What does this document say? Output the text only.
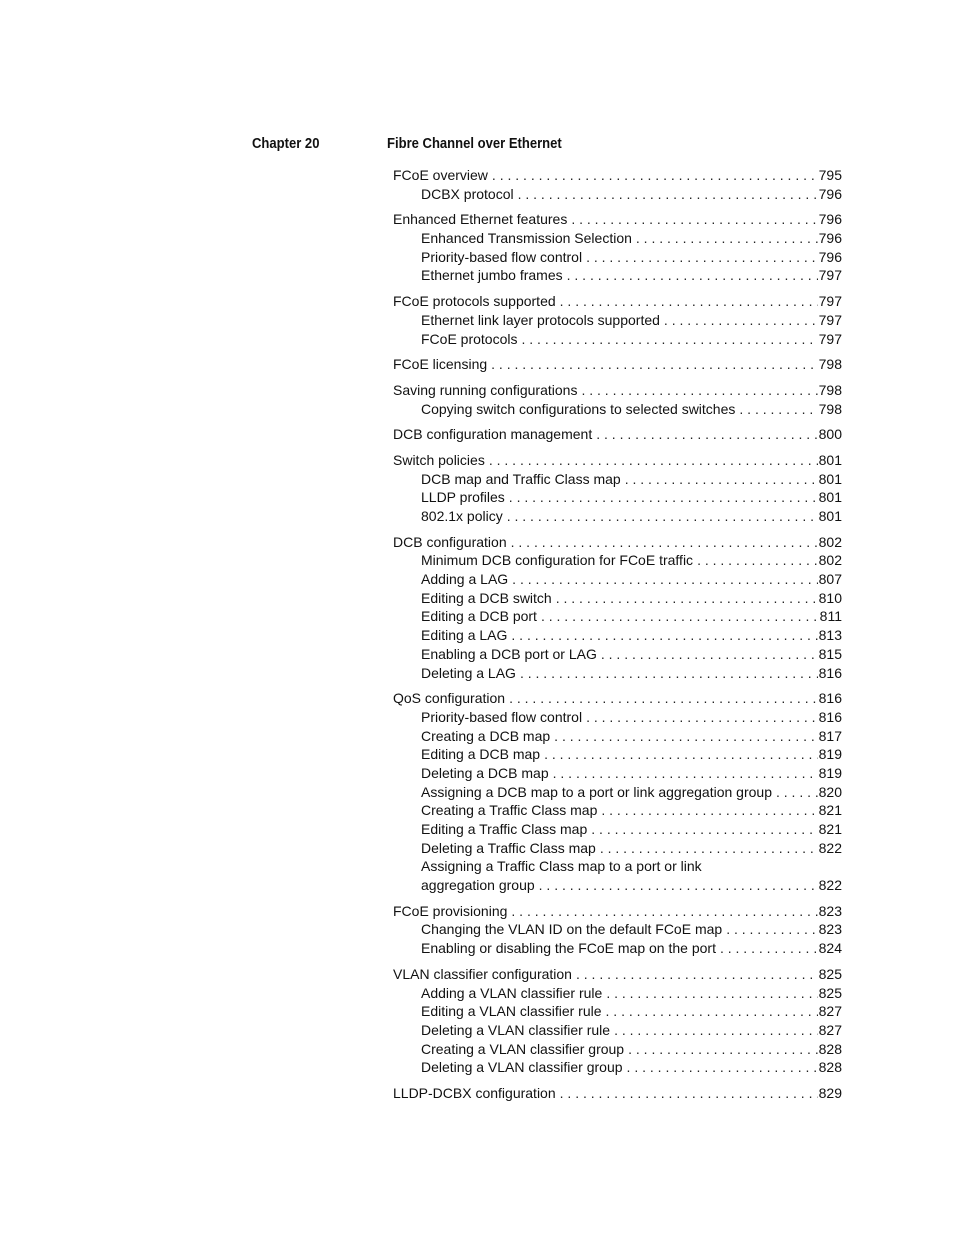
Chapter 20	Fibre Channel over Ethernet
FCoE overview . . .	795
DCBX protocol . . .	796
Enhanced Ethernet features . . .	796
Enhanced Transmission Selection . . .	796
Priority-based flow control . . .	796
Ethernet jumbo frames . . .	797
FCoE protocols supported . . .	797
Ethernet link layer protocols supported . . .	797
FCoE protocols . . .	797
FCoE licensing . . .	798
Saving running configurations . . .	798
Copying switch configurations to selected switches . . .	798
DCB configuration management . . .	800
Switch policies . . .	801
DCB map and Traffic Class map . . .	801
LLDP profiles . . .	801
802.1x policy . . .	801
DCB configuration . . .	802
Minimum DCB configuration for FCoE traffic . . .	802
Adding a LAG . . .	807
Editing a DCB switch . . .	810
Editing a DCB port . . .	811
Editing a LAG . . .	813
Enabling a DCB port or LAG . . .	815
Deleting a LAG . . .	816
QoS configuration . . .	816
Priority-based flow control . . .	816
Creating a DCB map . . .	817
Editing a DCB map . . .	819
Deleting a DCB map . . .	819
Assigning a DCB map to a port or link aggregation group . . .	820
Creating a Traffic Class map . . .	821
Editing a Traffic Class map . . .	821
Deleting a Traffic Class map . . .	822
Assigning a Traffic Class map to a port or link
aggregation group . . .	822
FCoE provisioning . . .	823
Changing the VLAN ID on the default FCoE map . . .	823
Enabling or disabling the FCoE map on the port . . .	824
VLAN classifier configuration . . .	825
Adding a VLAN classifier rule . . .	825
Editing a VLAN classifier rule . . .	827
Deleting a VLAN classifier rule . . .	827
Creating a VLAN classifier group . . .	828
Deleting a VLAN classifier group . . .	828
LLDP-DCBX configuration . . .	829
